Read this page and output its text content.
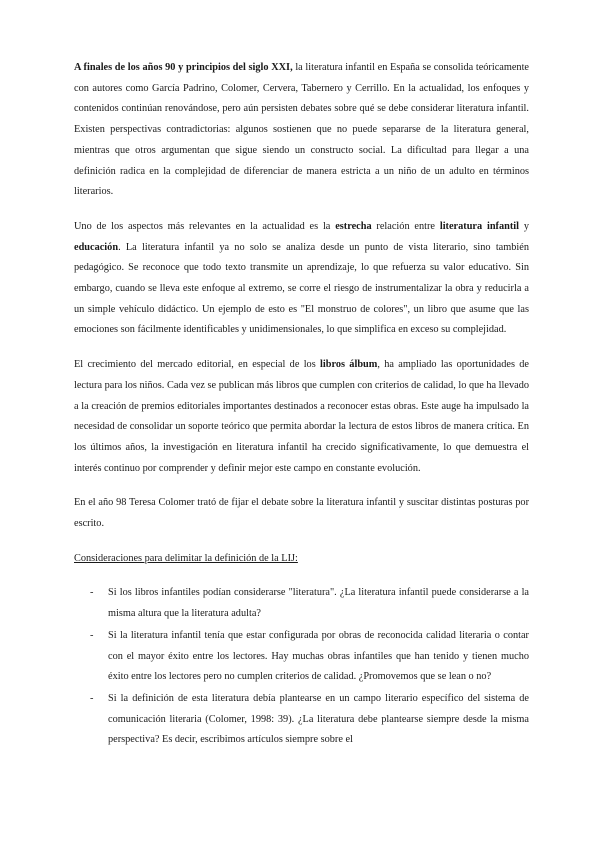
A finales de los años 90 y principios del siglo XXI, la literatura infantil en España se consolida teóricamente con autores como García Padrino, Colomer, Cervera, Tabernero y Cerrillo. En la actualidad, los enfoques y contenidos continúan renovándose, pero aún persisten debates sobre qué se debe considerar literatura infantil. Existen perspectivas contradictorias: algunos sostienen que no puede separarse de la literatura general, mientras que otros argumentan que sigue siendo un constructo social. La dificultad para llegar a una definición radica en la complejidad de diferenciar de manera estricta a un niño de un adulto en términos literarios.

Uno de los aspectos más relevantes en la actualidad es la estrecha relación entre literatura infantil y educación. La literatura infantil ya no solo se analiza desde un punto de vista literario, sino también pedagógico. Se reconoce que todo texto transmite un aprendizaje, lo que refuerza su valor educativo. Sin embargo, cuando se lleva este enfoque al extremo, se corre el riesgo de instrumentalizar la obra y reducirla a un simple vehículo didáctico. Un ejemplo de esto es "El monstruo de colores", un libro que asume que las emociones son fácilmente identificables y unidimensionales, lo que simplifica en exceso su complejidad.

El crecimiento del mercado editorial, en especial de los libros álbum, ha ampliado las oportunidades de lectura para los niños. Cada vez se publican más libros que cumplen con criterios de calidad, lo que ha llevado a la creación de premios editoriales importantes destinados a reconocer estas obras. Este auge ha impulsado la necesidad de consolidar un soporte teórico que permita abordar la lectura de estos libros de manera crítica. En los últimos años, la investigación en literatura infantil ha crecido significativamente, lo que demuestra el interés continuo por comprender y definir mejor este campo en constante evolución.

En el año 98 Teresa Colomer trató de fijar el debate sobre la literatura infantil y suscitar distintas posturas por escrito.

Consideraciones para delimitar la definición de la LIJ:

- Si los libros infantiles podían considerarse "literatura". ¿La literatura infantil puede considerarse a la misma altura que la literatura adulta?
- Si la literatura infantil tenía que estar configurada por obras de reconocida calidad literaria o contar con el mayor éxito entre los lectores. Hay muchas obras infantiles que han tenido y tienen mucho éxito entre los lectores pero no cumplen criterios de calidad. ¿Promovemos que se lean o no?
- Si la definición de esta literatura debía plantearse en un campo literario específico del sistema de comunicación literaria (Colomer, 1998: 39). ¿La literatura debe plantearse siempre desde la misma perspectiva? Es decir, escribimos artículos siempre sobre el
